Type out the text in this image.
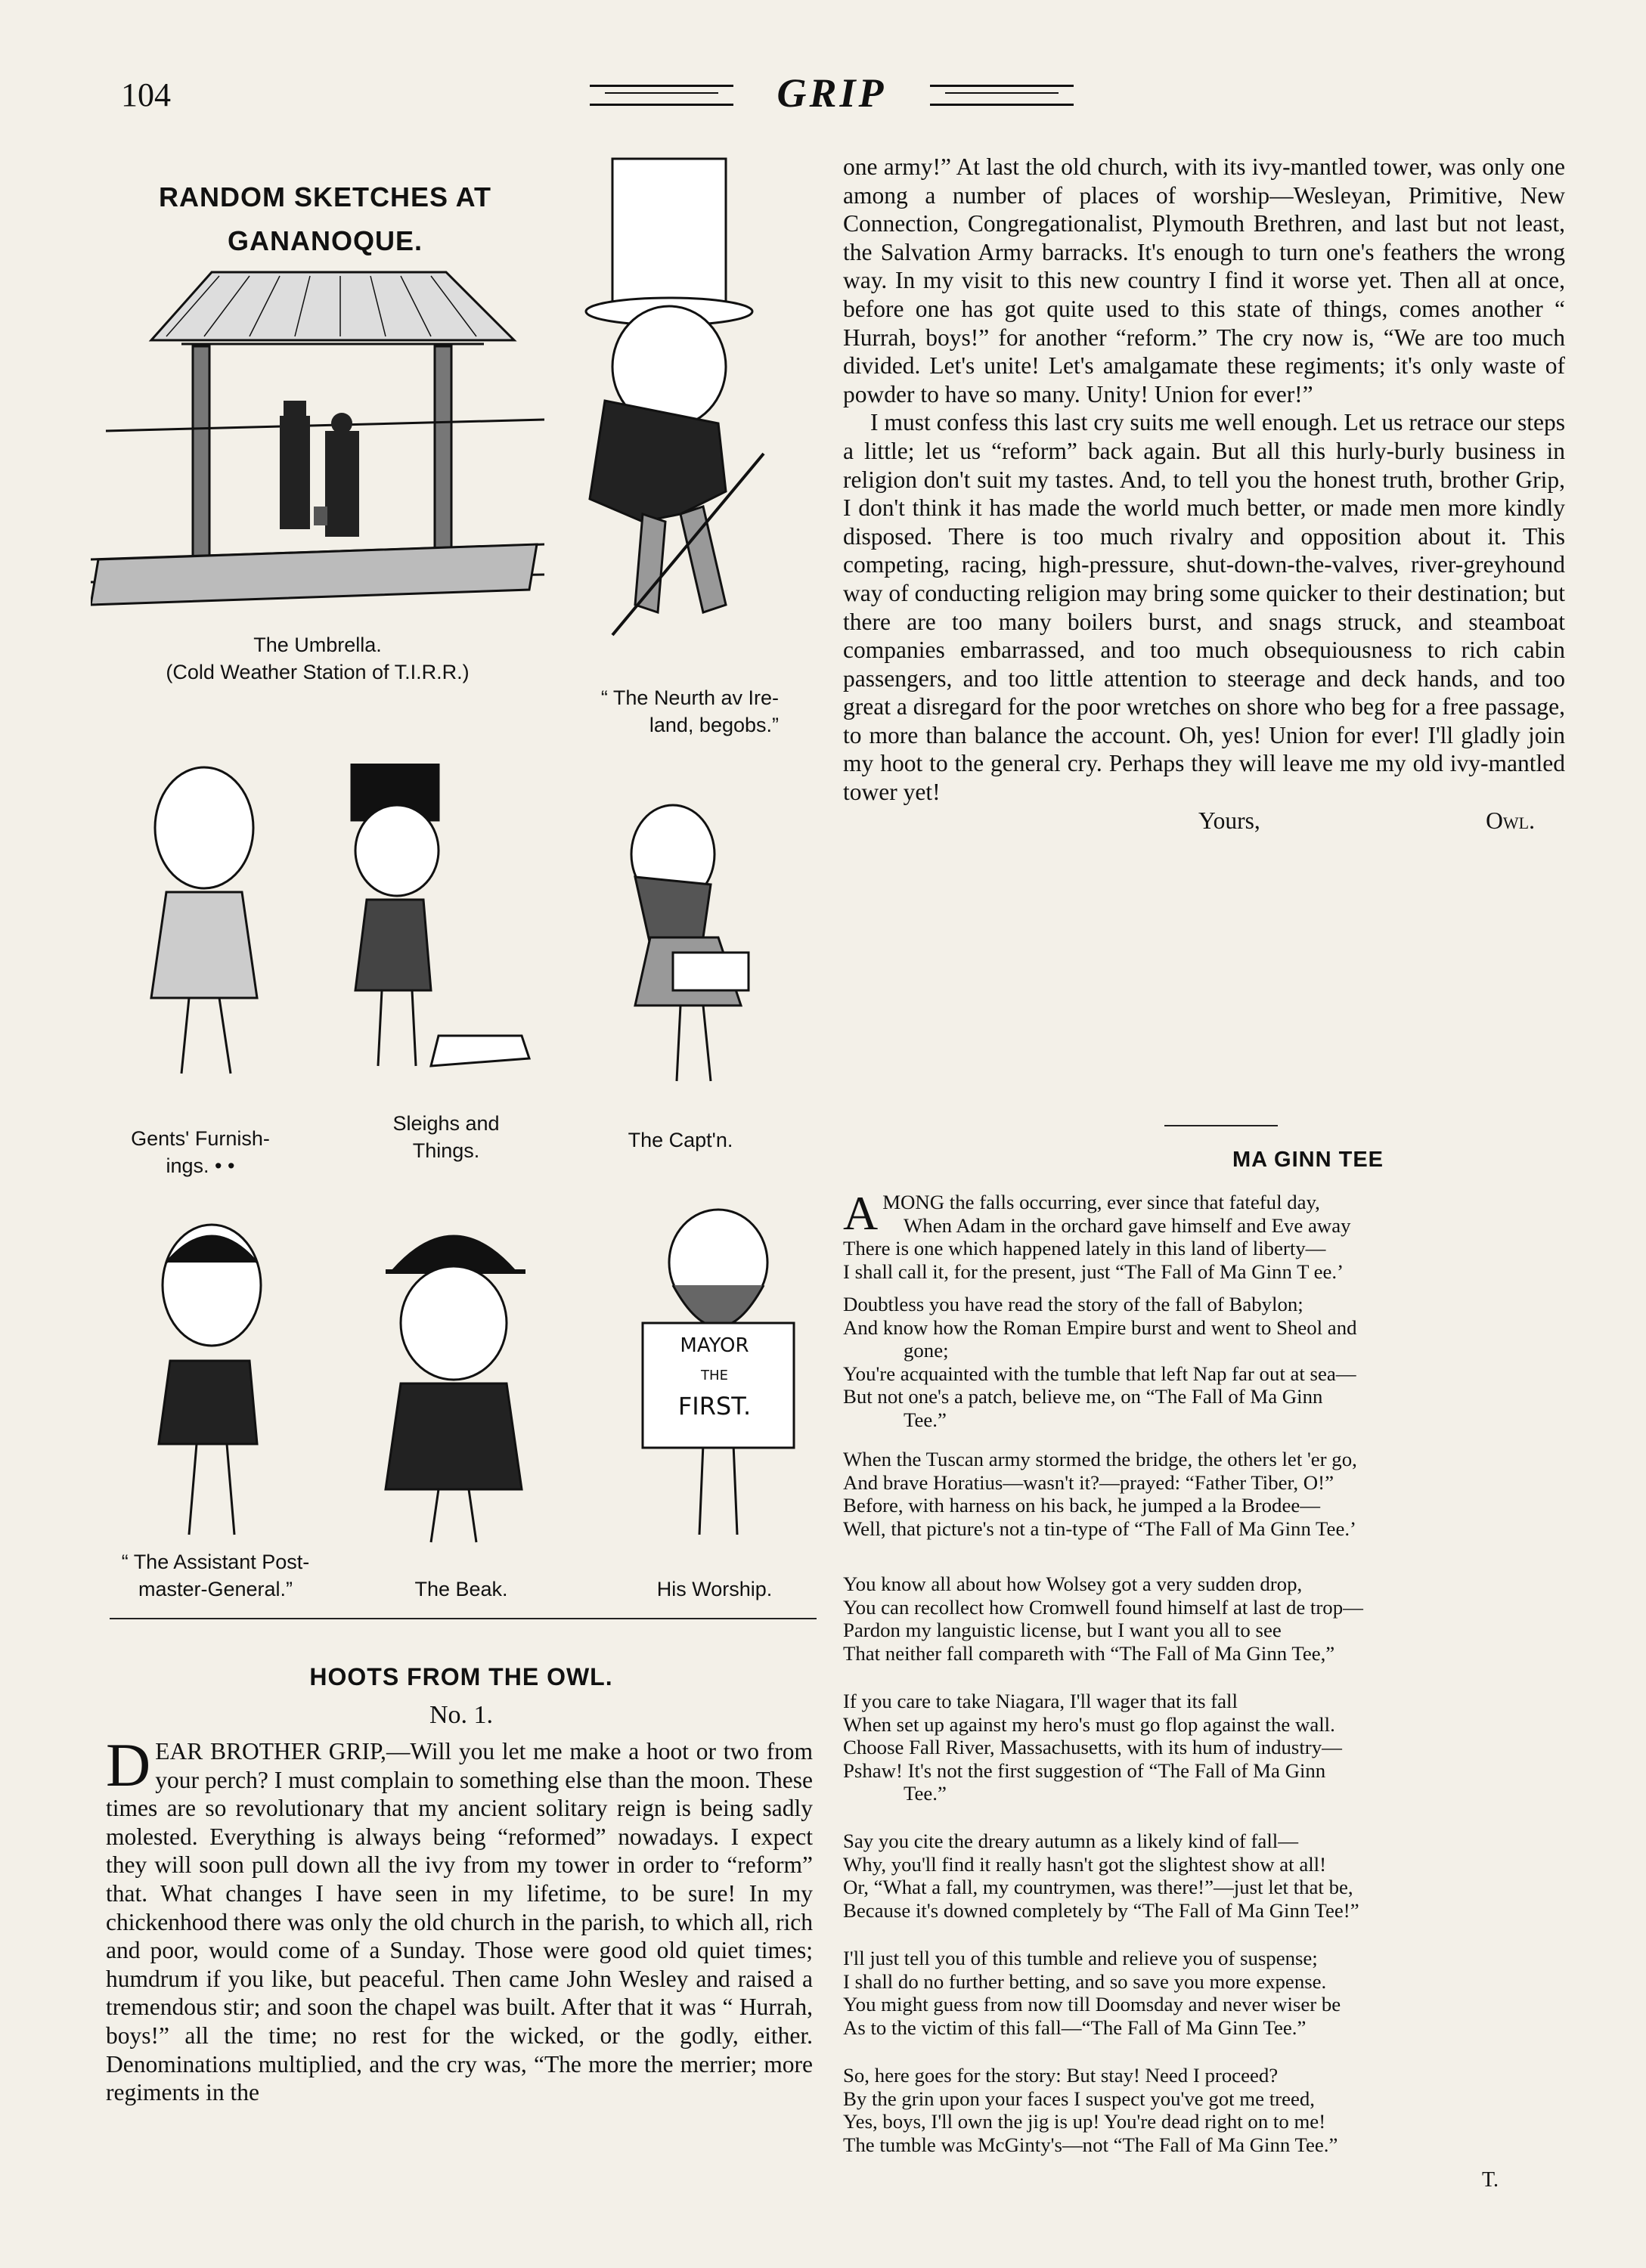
104	GRIP
RANDOM SKETCHES AT
GANANOQUE.
The Umbrella.
(Cold Weather Station of T.I.R.R.)
“ The Neurth av Ire-
land, begobs.”
Gents' Furnish-
ings. • •
Sleighs and
Things.	The Capt'n.
MAYOR
THE
FIRST.
“ The Assistant Post-
master-General.”	The Beak.	His Worship.
HOOTS FROM THE OWL.
No. 1.

DEAR BROTHER GRIP,—Will you let me make a hoot or two from your perch? I must complain to something else than the moon. These times are so revolutionary that my ancient solitary reign is being sadly molested. Everything is always being “reformed” nowadays. I expect they will soon pull down all the ivy from my tower in order to “reform” that. What changes I have seen in my lifetime, to be sure! In my chickenhood there was only the old church in the parish, to which all, rich and poor, would come of a Sunday. Those were good old quiet times; humdrum if you like, but peaceful. Then came John Wesley and raised a tremendous stir; and soon the chapel was built. After that it was “ Hurrah, boys!” all the time; no rest for the wicked, or the godly, either. Denominations multiplied, and the cry was, “The more the merrier; more regiments in the

one army!” At last the old church, with its ivy-mantled tower, was only one among a number of places of worship—Wesleyan, Primitive, New Connection, Congregationalist, Plymouth Brethren, and last but not least, the Salvation Army barracks. It's enough to turn one's feathers the wrong way. In my visit to this new country I find it worse yet. Then all at once, before one has got quite used to this state of things, comes another “ Hurrah, boys!” for another “reform.” The cry now is, “We are too much divided. Let's unite! Let's amalgamate these regiments; it's only waste of powder to have so many. Unity! Union for ever!”

I must confess this last cry suits me well enough. Let us retrace our steps a little; let us “reform” back again. But all this hurly-burly business in religion don't suit my tastes. And, to tell you the honest truth, brother Grip, I don't think it has made the world much better, or made men more kindly disposed. There is too much rivalry and opposition about it. This competing, racing, high-pressure, shut-down-the-valves, river-greyhound way of conducting religion may bring some quicker to their destination; but there are too many boilers burst, and snags struck, and steamboat companies embarrassed, and too much obsequiousness to rich cabin passengers, and too little attention to steerage and deck hands, and too great a disregard for the poor wretches on shore who beg for a free passage, to more than balance the account. Oh, yes! Union for ever! I'll gladly join my hoot to the general cry. Perhaps they will leave me my old ivy-mantled tower yet!

Yours,	Owl.
MA GINN TEE
A MONG the falls occurring, ever since that fateful day,
When Adam in the orchard gave himself and Eve away
There is one which happened lately in this land of liberty—
I shall call it, for the present, just “The Fall of Ma Ginn T ee.’
Doubtless you have read the story of the fall of Babylon;
And know how the Roman Empire burst and went to Sheol and
gone;
You're acquainted with the tumble that left Nap far out at sea—
But not one's a patch, believe me, on “The Fall of Ma Ginn
Tee.”
When the Tuscan army stormed the bridge, the others let 'er go,
And brave Horatius—wasn't it?—prayed: “Father Tiber, O!”
Before, with harness on his back, he jumped a la Brodee—
Well, that picture's not a tin-type of “The Fall of Ma Ginn Tee.’
You know all about how Wolsey got a very sudden drop,
You can recollect how Cromwell found himself at last de trop—
Pardon my languistic license, but I want you all to see
That neither fall compareth with “The Fall of Ma Ginn Tee,”
If you care to take Niagara, I'll wager that its fall
When set up against my hero's must go flop against the wall.
Choose Fall River, Massachusetts, with its hum of industry—
Pshaw! It's not the first suggestion of “The Fall of Ma Ginn
Tee.”
Say you cite the dreary autumn as a likely kind of fall—
Why, you'll find it really hasn't got the slightest show at all!
Or, “What a fall, my countrymen, was there!”—just let that be,
Because it's downed completely by “The Fall of Ma Ginn Tee!”
I'll just tell you of this tumble and relieve you of suspense;
I shall do no further betting, and so save you more expense.
You might guess from now till Doomsday and never wiser be
As to the victim of this fall—“The Fall of Ma Ginn Tee.”
So, here goes for the story: But stay! Need I proceed?
By the grin upon your faces I suspect you've got me treed,
Yes, boys, I'll own the jig is up! You're dead right on to me!
The tumble was McGinty's—not “The Fall of Ma Ginn Tee.”
T.
